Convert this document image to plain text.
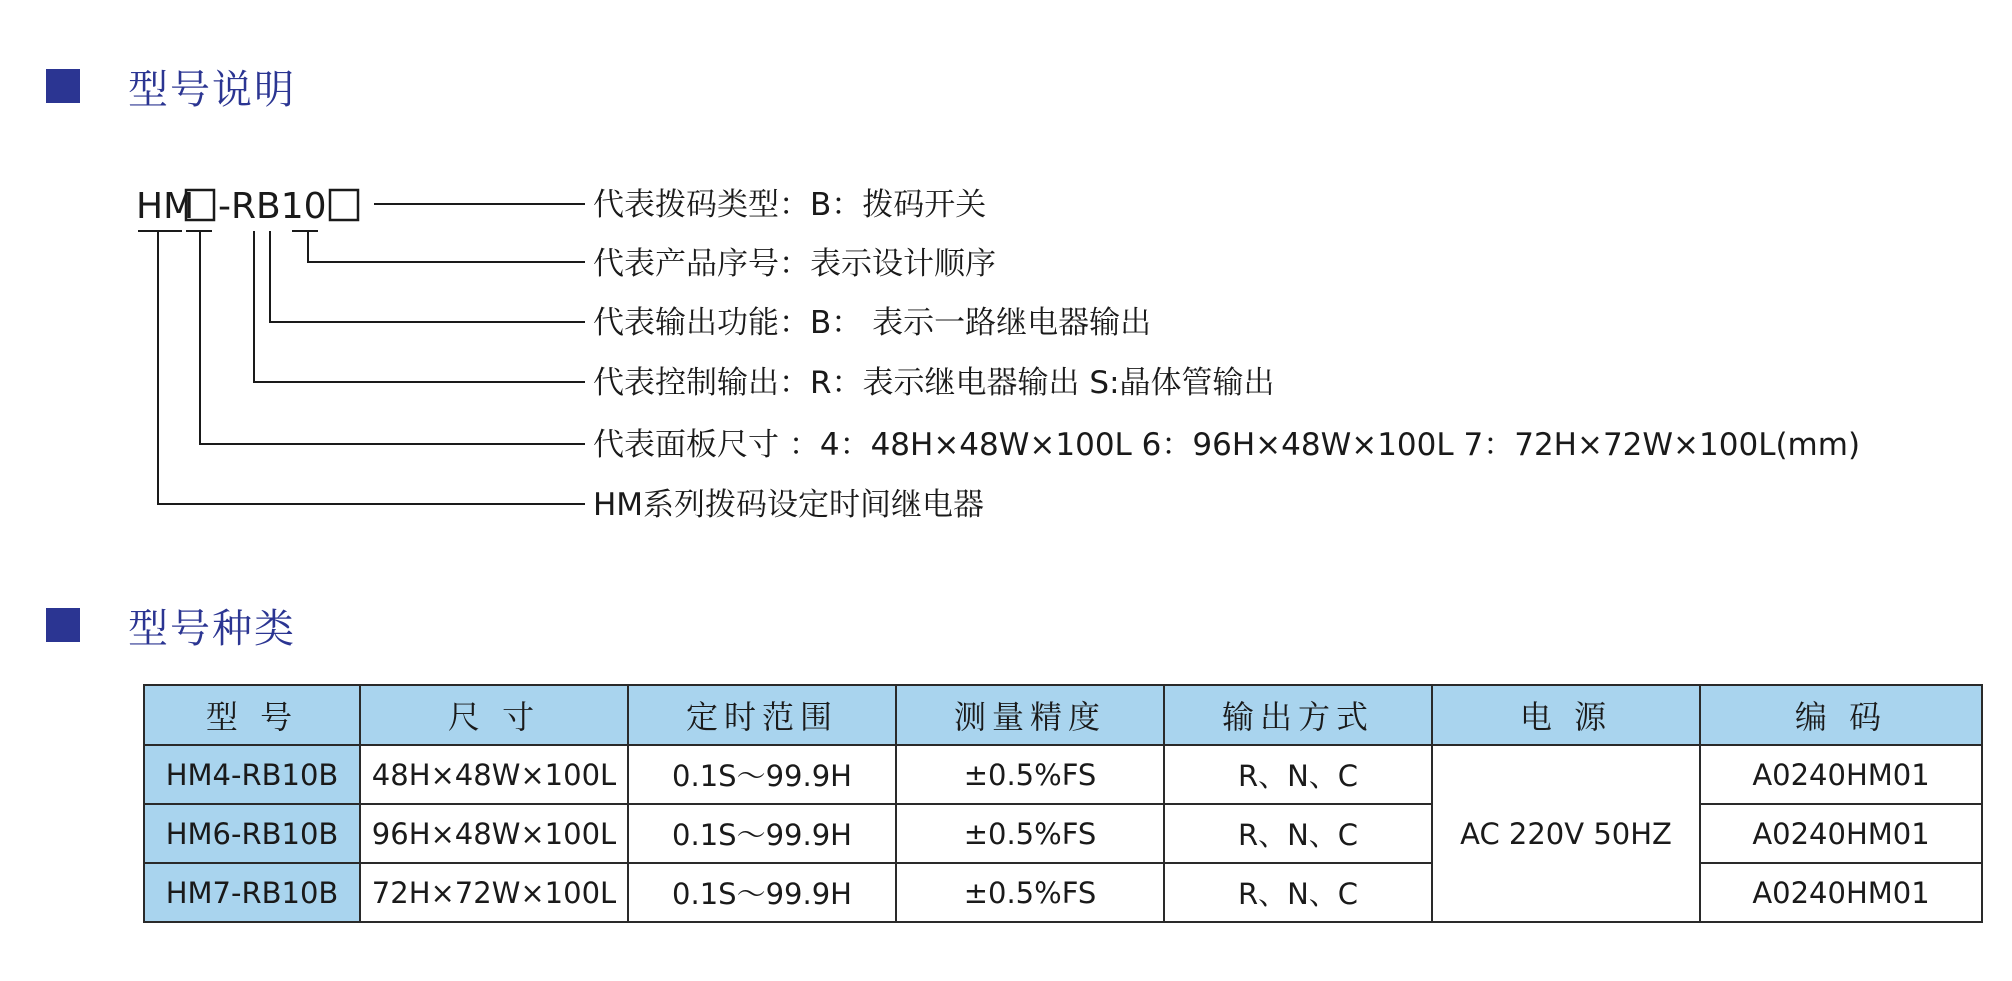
型号说明
HM -RB10	代表拨码类型：B：拨码开关
代表产品序号：表示设计顺序
代表输出功能：B： 表示一路继电器输出
代表控制输出：R：表示继电器输出 S:晶体管输出
代表面板尺寸 ：4：48H×48W×100L 6：96H×48W×100L 7：72H×72W×100L(mm)
HM系列拨码设定时间继电器
型号种类
型 号	尺 寸	定时范围	测量精度	输出方式	电 源	编 码
HM4-RB10B	48H×48W×100L	0.1S～99.9H	±0.5%FS	R、N、C	AC 220V 50HZ	A0240HM01
HM6-RB10B	96H×48W×100L	0.1S～99.9H	±0.5%FS	R、N、C		A0240HM01
HM7-RB10B	72H×72W×100L	0.1S～99.9H	±0.5%FS	R、N、C		A0240HM01
